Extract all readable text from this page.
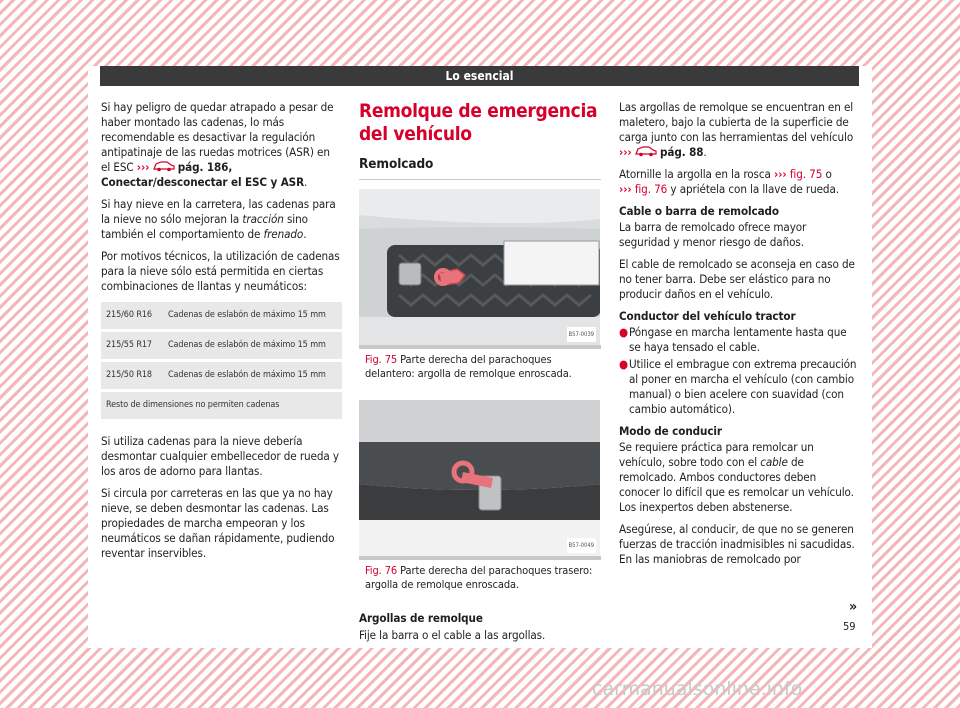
Lo esencial

Si hay peligro de quedar atrapado a pesar de haber montado las cadenas, lo más recomendable es desactivar la regulación antipatinaje de las ruedas motrices (ASR) en el ESC ››› pág. 186, Conectar/desconectar el ESC y ASR.

Si hay nieve en la carretera, las cadenas para la nieve no sólo mejoran la tracción sino también el comportamiento de frenado.

Por motivos técnicos, la utilización de cadenas para la nieve sólo está permitida en ciertas combinaciones de llantas y neumáticos:

215/60 R16	Cadenas de eslabón de máximo 15 mm
215/55 R17	Cadenas de eslabón de máximo 15 mm
215/50 R18	Cadenas de eslabón de máximo 15 mm
Resto de dimensiones no permiten cadenas	

Si utiliza cadenas para la nieve debería desmontar cualquier embellecedor de rueda y los aros de adorno para llantas.

Si circula por carreteras en las que ya no hay nieve, se deben desmontar las cadenas. Las propiedades de marcha empeoran y los neumáticos se dañan rápidamente, pudiendo reventar inservibles.

Remolque de emergencia del vehículo
Remolcado
B57-0039
Fig. 75 Parte derecha del parachoques delantero: argolla de remolque enroscada.
B57-0049
Fig. 76 Parte derecha del parachoques trasero: argolla de remolque enroscada.

Argollas de remolque

Fije la barra o el cable a las argollas.

Las argollas de remolque se encuentran en el maletero, bajo la cubierta de la superficie de carga junto con las herramientas del vehículo ››› pág. 88.

Atornille la argolla en la rosca ››› fig. 75 o
››› fig. 76 y apriétela con la llave de rueda.

Cable o barra de remolcado

La barra de remolcado ofrece mayor seguridad y menor riesgo de daños.

El cable de remolcado se aconseja en caso de no tener barra. Debe ser elástico para no producir daños en el vehículo.

Conductor del vehículo tractor

● Póngase en marcha lentamente hasta que se haya tensado el cable.

● Utilice el embrague con extrema precaución al poner en marcha el vehículo (con cambio manual) o bien acelere con suavidad (con cambio automático).

Modo de conducir

Se requiere práctica para remolcar un vehículo, sobre todo con el cable de remolcado. Ambos conductores deben conocer lo difícil que es remolcar un vehículo. Los inexpertos deben abstenerse.

Asegúrese, al conducir, de que no se generen fuerzas de tracción inadmisibles ni sacudidas. En las maniobras de remolcado por

»
59
carmanualsonline.info
